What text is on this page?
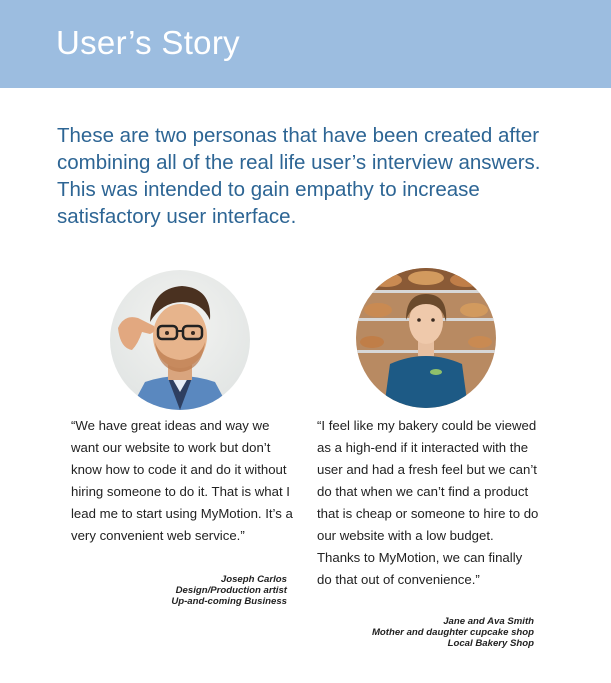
User’s Story
These are two personas that have been created after combining all of the real life user’s interview answers. This was intended to gain empathy to increase satisfactory user interface.
“We have great ideas and way we want our website to work but don’t know how to code it and do it without hiring someone to do it. That is what I lead me to start using MyMotion. It’s a very convenient web service.”
Joseph Carlos
Design/Production artist
Up-and-coming Business
“I feel like my bakery could be viewed as a high-end if it interacted with the user and had a fresh feel but we can’t do that when we can’t find a product that is cheap or someone to hire to do our website with a low budget. Thanks to MyMotion, we can finally do that out of convenience.”
Jane and Ava Smith
Mother and daughter cupcake shop
Local Bakery Shop
